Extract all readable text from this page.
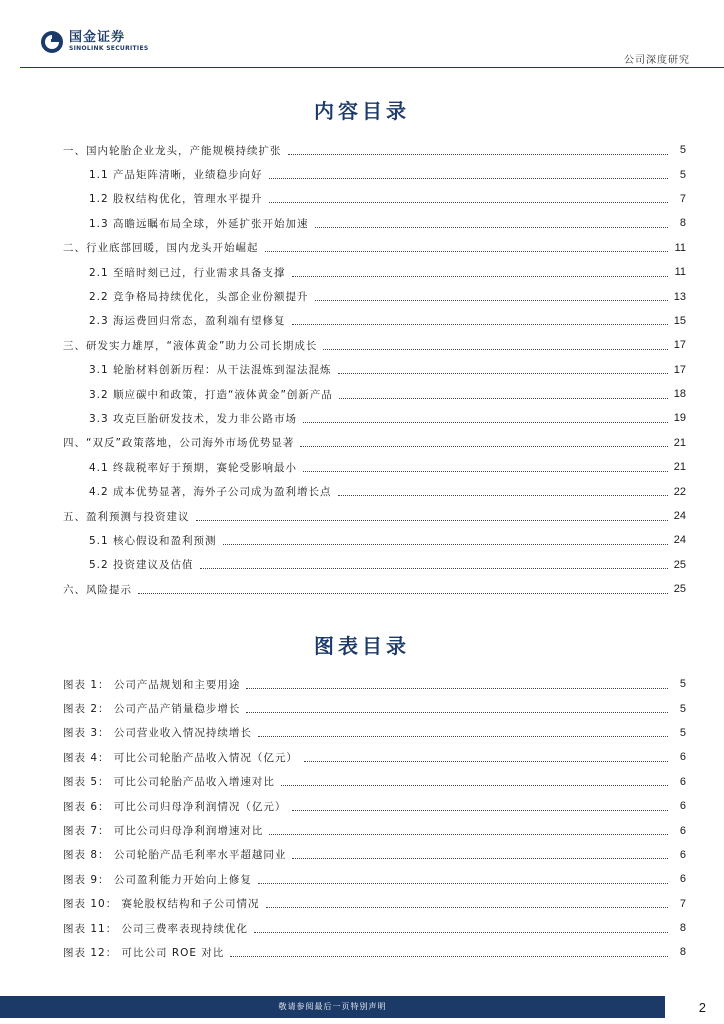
国金证券
SINOLINK SECURITIES
公司深度研究
内容目录
一、国内轮胎企业龙头，产能规模持续扩张	5
1.1 产品矩阵清晰，业绩稳步向好	5
1.2 股权结构优化，管理水平提升	7
1.3 高瞻远瞩布局全球，外延扩张开始加速	8
二、行业底部回暖，国内龙头开始崛起	11
2.1 至暗时刻已过，行业需求具备支撑	11
2.2 竞争格局持续优化，头部企业份额提升	13
2.3 海运费回归常态，盈利端有望修复	15
三、研发实力雄厚，“液体黄金”助力公司长期成长	17
3.1 轮胎材料创新历程：从干法混炼到湿法混炼	17
3.2 顺应碳中和政策，打造“液体黄金”创新产品	18
3.3 攻克巨胎研发技术，发力非公路市场	19
四、“双反”政策落地，公司海外市场优势显著	21
4.1 终裁税率好于预期，赛轮受影响最小	21
4.2 成本优势显著，海外子公司成为盈利增长点	22
五、盈利预测与投资建议	24
5.1 核心假设和盈利预测	24
5.2 投资建议及估值	25
六、风险提示	25
图表目录
图表 1： 公司产品规划和主要用途	5
图表 2： 公司产品产销量稳步增长	5
图表 3： 公司营业收入情况持续增长	5
图表 4： 可比公司轮胎产品收入情况（亿元）	6
图表 5： 可比公司轮胎产品收入增速对比	6
图表 6： 可比公司归母净利润情况（亿元）	6
图表 7： 可比公司归母净利润增速对比	6
图表 8： 公司轮胎产品毛利率水平超越同业	6
图表 9： 公司盈利能力开始向上修复	6
图表 10： 赛轮股权结构和子公司情况	7
图表 11： 公司三费率表现持续优化	8
图表 12： 可比公司 ROE 对比	8
敬请参阅最后一页特别声明	2
